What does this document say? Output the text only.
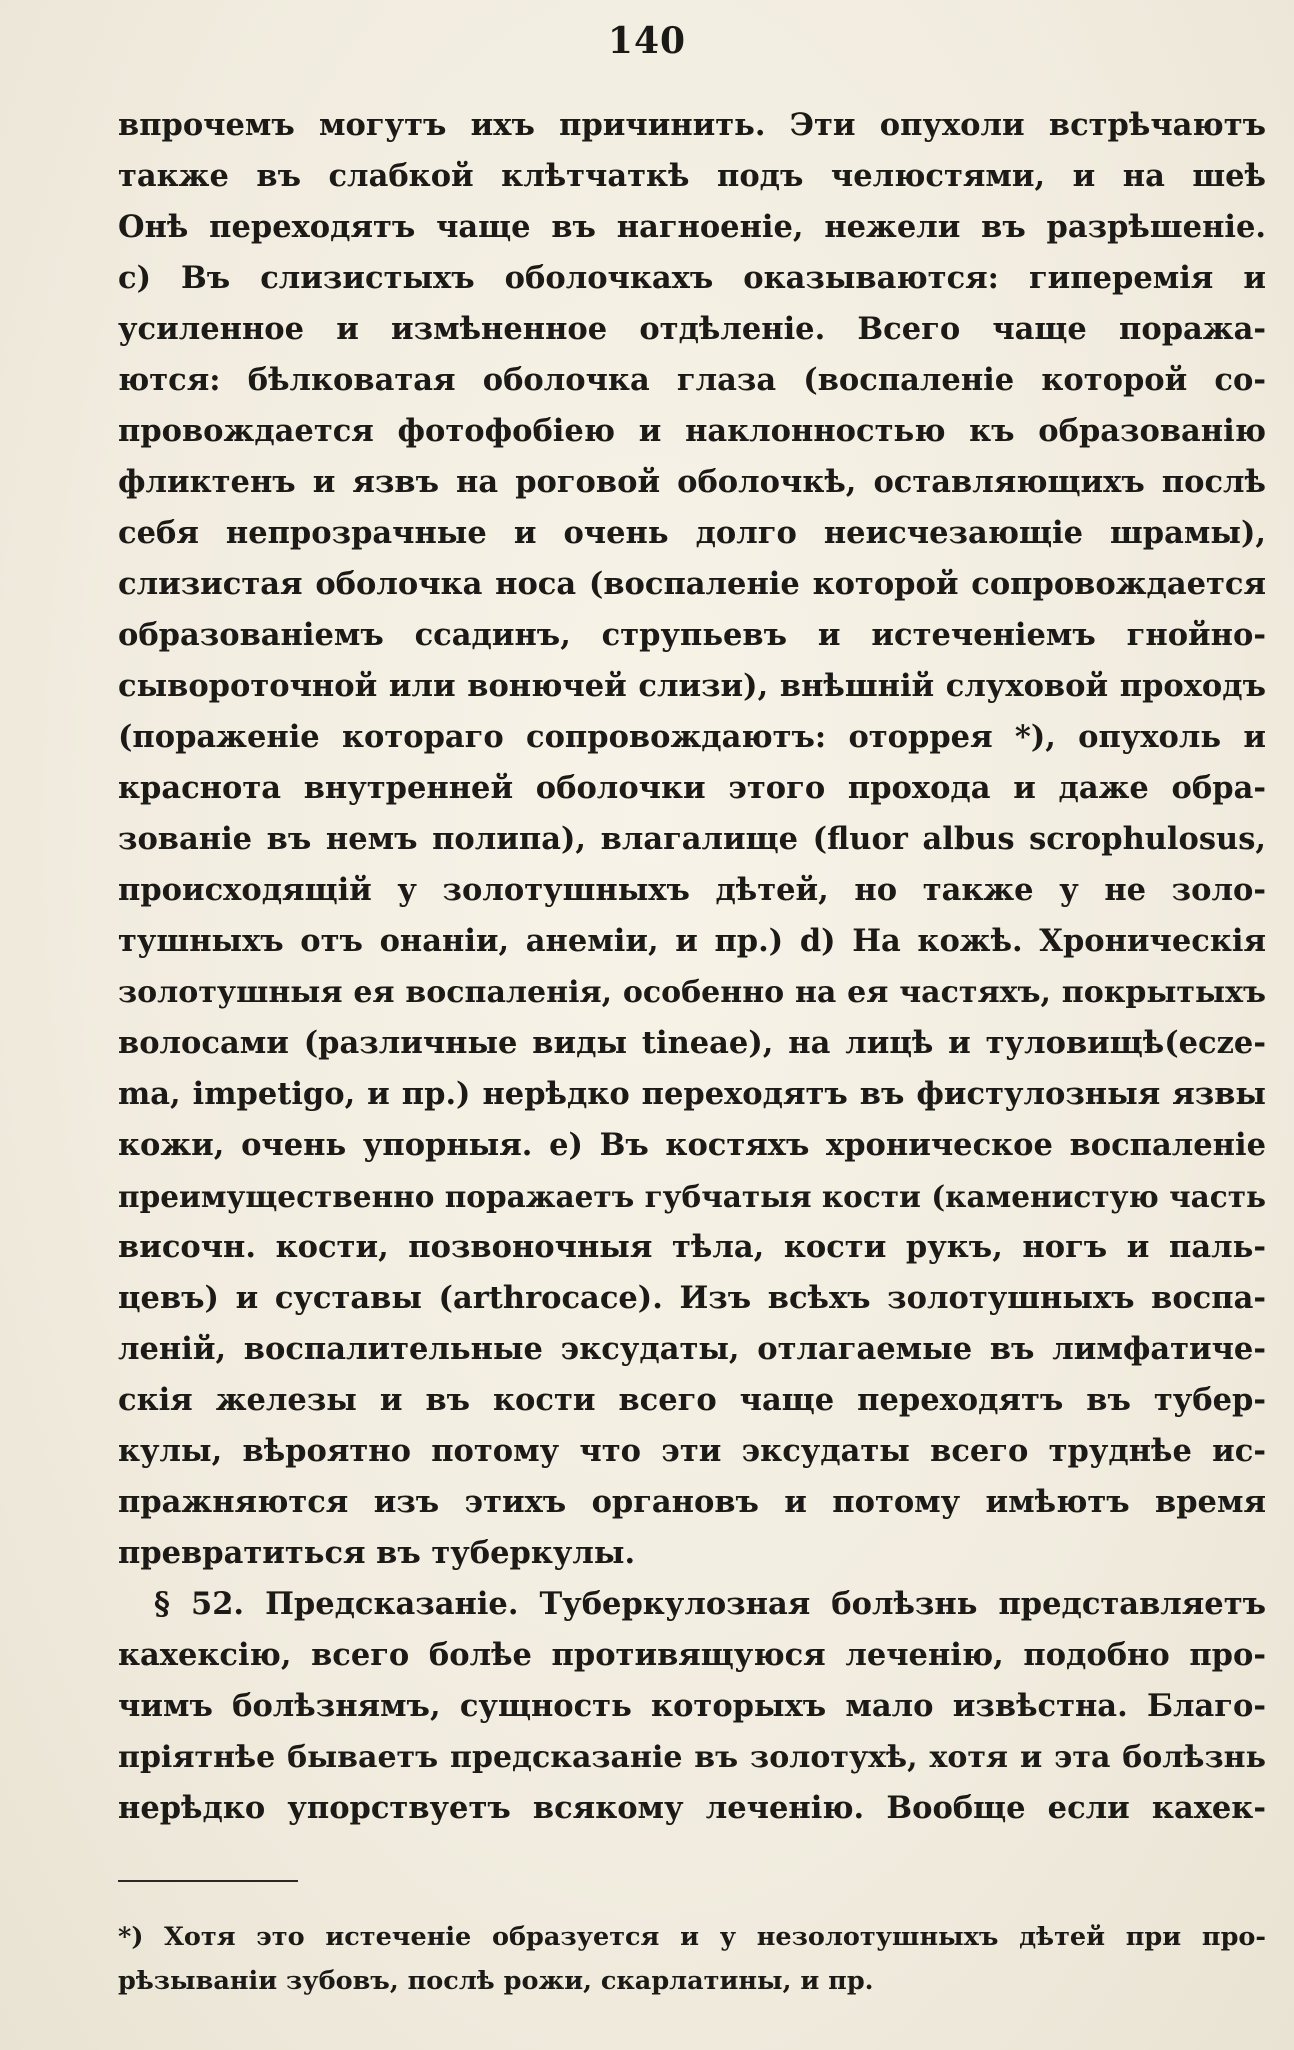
140
впрочемъ могутъ ихъ причинить. Эти опухоли встрѣчаютъ
также въ слабкой клѣтчаткѣ подъ челюстями, и на шеѣ
Онѣ переходятъ чаще въ нагноеніе, нежели въ разрѣшеніе.
c) Въ слизистыхъ оболочкахъ оказываются: гиперемія и
усиленное и измѣненное отдѣленіе. Всего чаще поража-
ются: бѣлковатая оболочка глаза (воспаленіе которой со-
провождается фотофобіею и наклонностью къ образованію
фликтенъ и язвъ на роговой оболочкѣ, оставляющихъ послѣ
себя непрозрачные и очень долго неисчезающіе шрамы),
слизистая оболочка носа (воспаленіе которой сопровождается
образованіемъ ссадинъ, струпьевъ и истеченіемъ гнойно-
сывороточной или вонючей слизи), внѣшній слуховой проходъ
(пораженіе котораго сопровождаютъ: оторрея *), опухоль и
краснота внутренней оболочки этого прохода и даже обра-
зованіе въ немъ полипа), влагалище (fluor albus scrophulosus,
происходящій у золотушныхъ дѣтей, но также у не золо-
тушныхъ отъ онаніи, анеміи, и пр.) d) На кожѣ. Хроническія
золотушныя ея воспаленія, особенно на ея частяхъ, покрытыхъ
волосами (различные виды tineae), на лицѣ и туловищѣ(ecze-
ma, impetigo, и пр.) нерѣдко переходятъ въ фистулозныя язвы
кожи, очень упорныя. e) Въ костяхъ хроническое воспаленіе
преимущественно поражаетъ губчатыя кости (каменистую часть
височн. кости, позвоночныя тѣла, кости рукъ, ногъ и паль-
цевъ) и суставы (arthrocace). Изъ всѣхъ золотушныхъ воспа-
леній, воспалительные эксудаты, отлагаемые въ лимфатиче-
скія железы и въ кости всего чаще переходятъ въ тубер-
кулы, вѣроятно потому что эти эксудаты всего труднѣе ис-
пражняются изъ этихъ органовъ и потому имѣютъ время
превратиться въ туберкулы.
§ 52. Предсказаніе. Туберкулозная болѣзнь представляетъ
кахексію, всего болѣе противящуюся леченію, подобно про-
чимъ болѣзнямъ, сущность которыхъ мало извѣстна. Благо-
пріятнѣе бываетъ предсказаніе въ золотухѣ, хотя и эта болѣзнь
нерѣдко упорствуетъ всякому леченію. Вообще если кахек-
*) Хотя это истеченіе образуется и у незолотушныхъ дѣтей при про-
рѣзываніи зубовъ, послѣ рожи, скарлатины, и пр.
